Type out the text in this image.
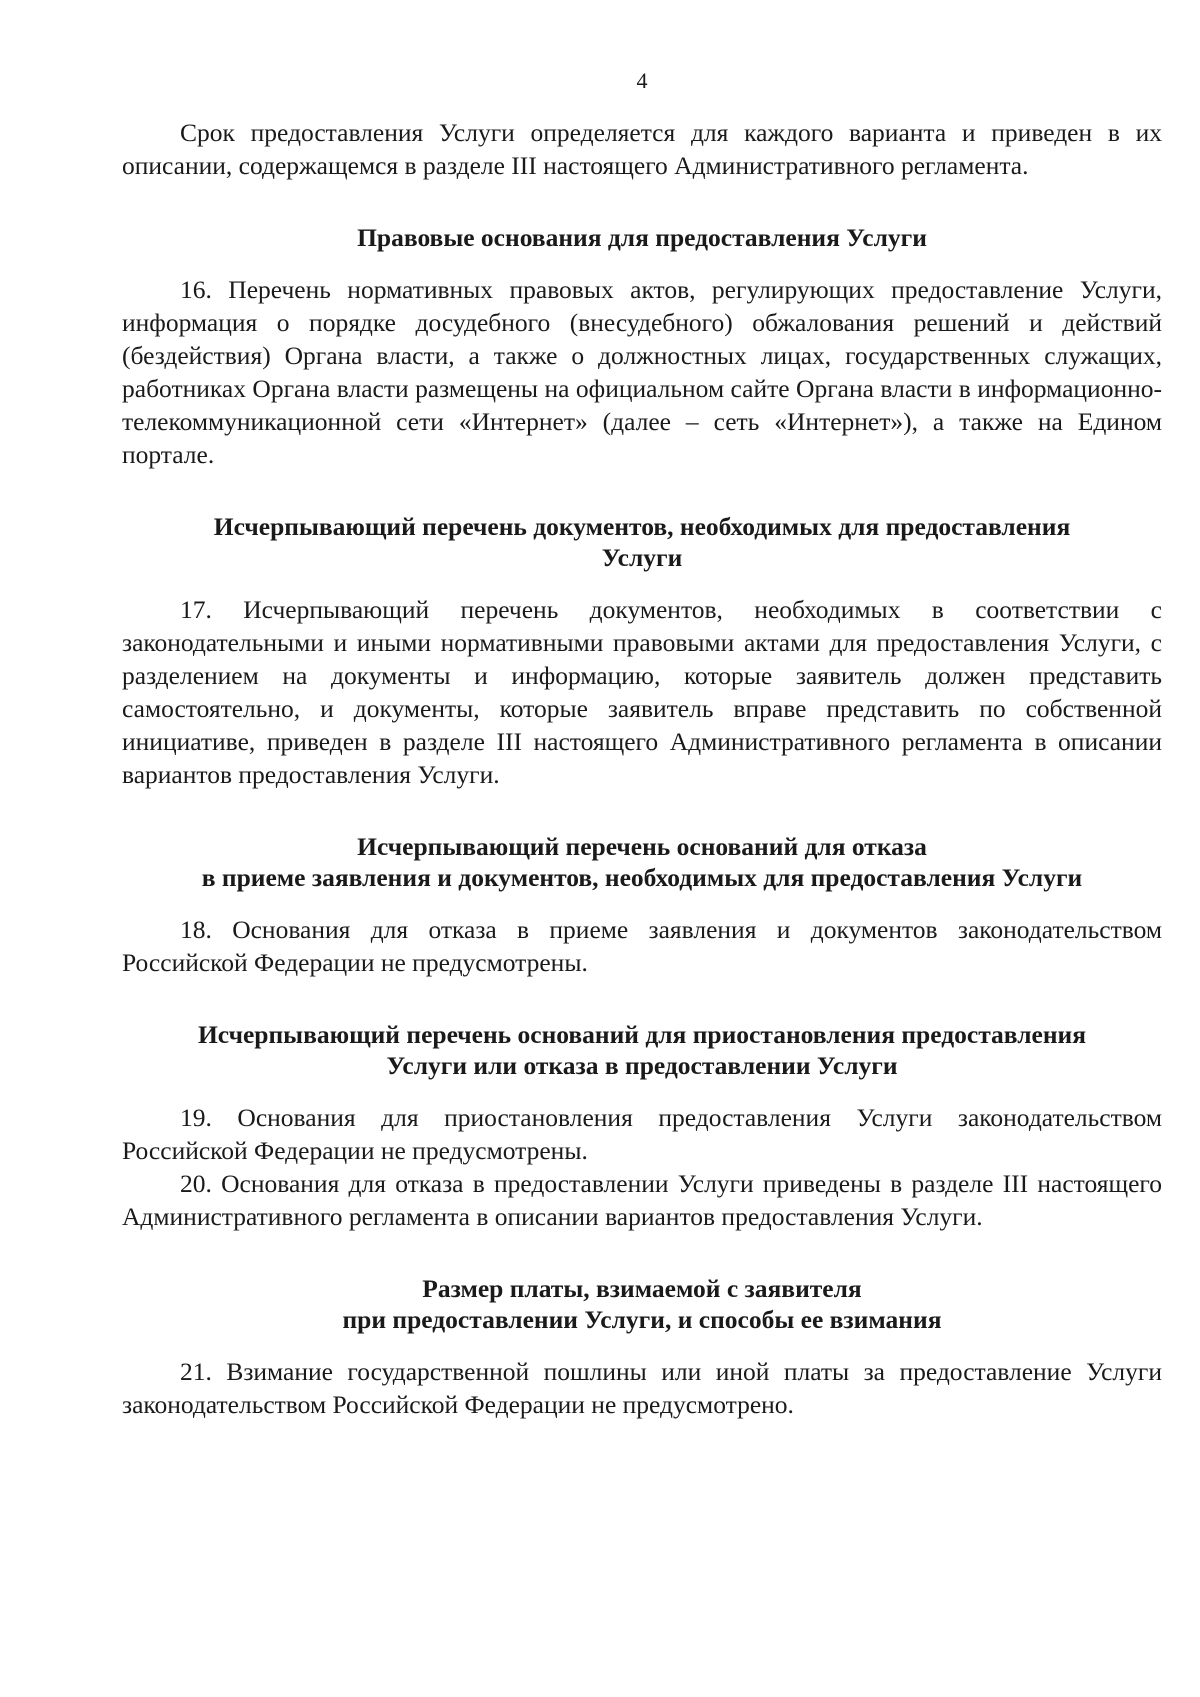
4

Срок предоставления Услуги определяется для каждого варианта и приведен в их описании, содержащемся в разделе III настоящего Административного регламента.

Правовые основания для предоставления Услуги

16. Перечень нормативных правовых актов, регулирующих предоставление Услуги, информация о порядке досудебного (внесудебного) обжалования решений и действий (бездействия) Органа власти, а также о должностных лицах, государственных служащих, работниках Органа власти размещены на официальном сайте Органа власти в информационно-телекоммуникационной сети «Интернет» (далее – сеть «Интернет»), а также на Едином портале.

Исчерпывающий перечень документов, необходимых для предоставления
Услуги

17. Исчерпывающий перечень документов, необходимых в соответствии с законодательными и иными нормативными правовыми актами для предоставления Услуги, с разделением на документы и информацию, которые заявитель должен представить самостоятельно, и документы, которые заявитель вправе представить по собственной инициативе, приведен в разделе III настоящего Административного регламента в описании вариантов предоставления Услуги.

Исчерпывающий перечень оснований для отказа
в приеме заявления и документов, необходимых для предоставления Услуги

18. Основания для отказа в приеме заявления и документов законодательством Российской Федерации не предусмотрены.

Исчерпывающий перечень оснований для приостановления предоставления
Услуги или отказа в предоставлении Услуги

19. Основания для приостановления предоставления Услуги законодательством Российской Федерации не предусмотрены.

20. Основания для отказа в предоставлении Услуги приведены в разделе III настоящего Административного регламента в описании вариантов предоставления Услуги.

Размер платы, взимаемой с заявителя
при предоставлении Услуги, и способы ее взимания

21. Взимание государственной пошлины или иной платы за предоставление Услуги законодательством Российской Федерации не предусмотрено.
